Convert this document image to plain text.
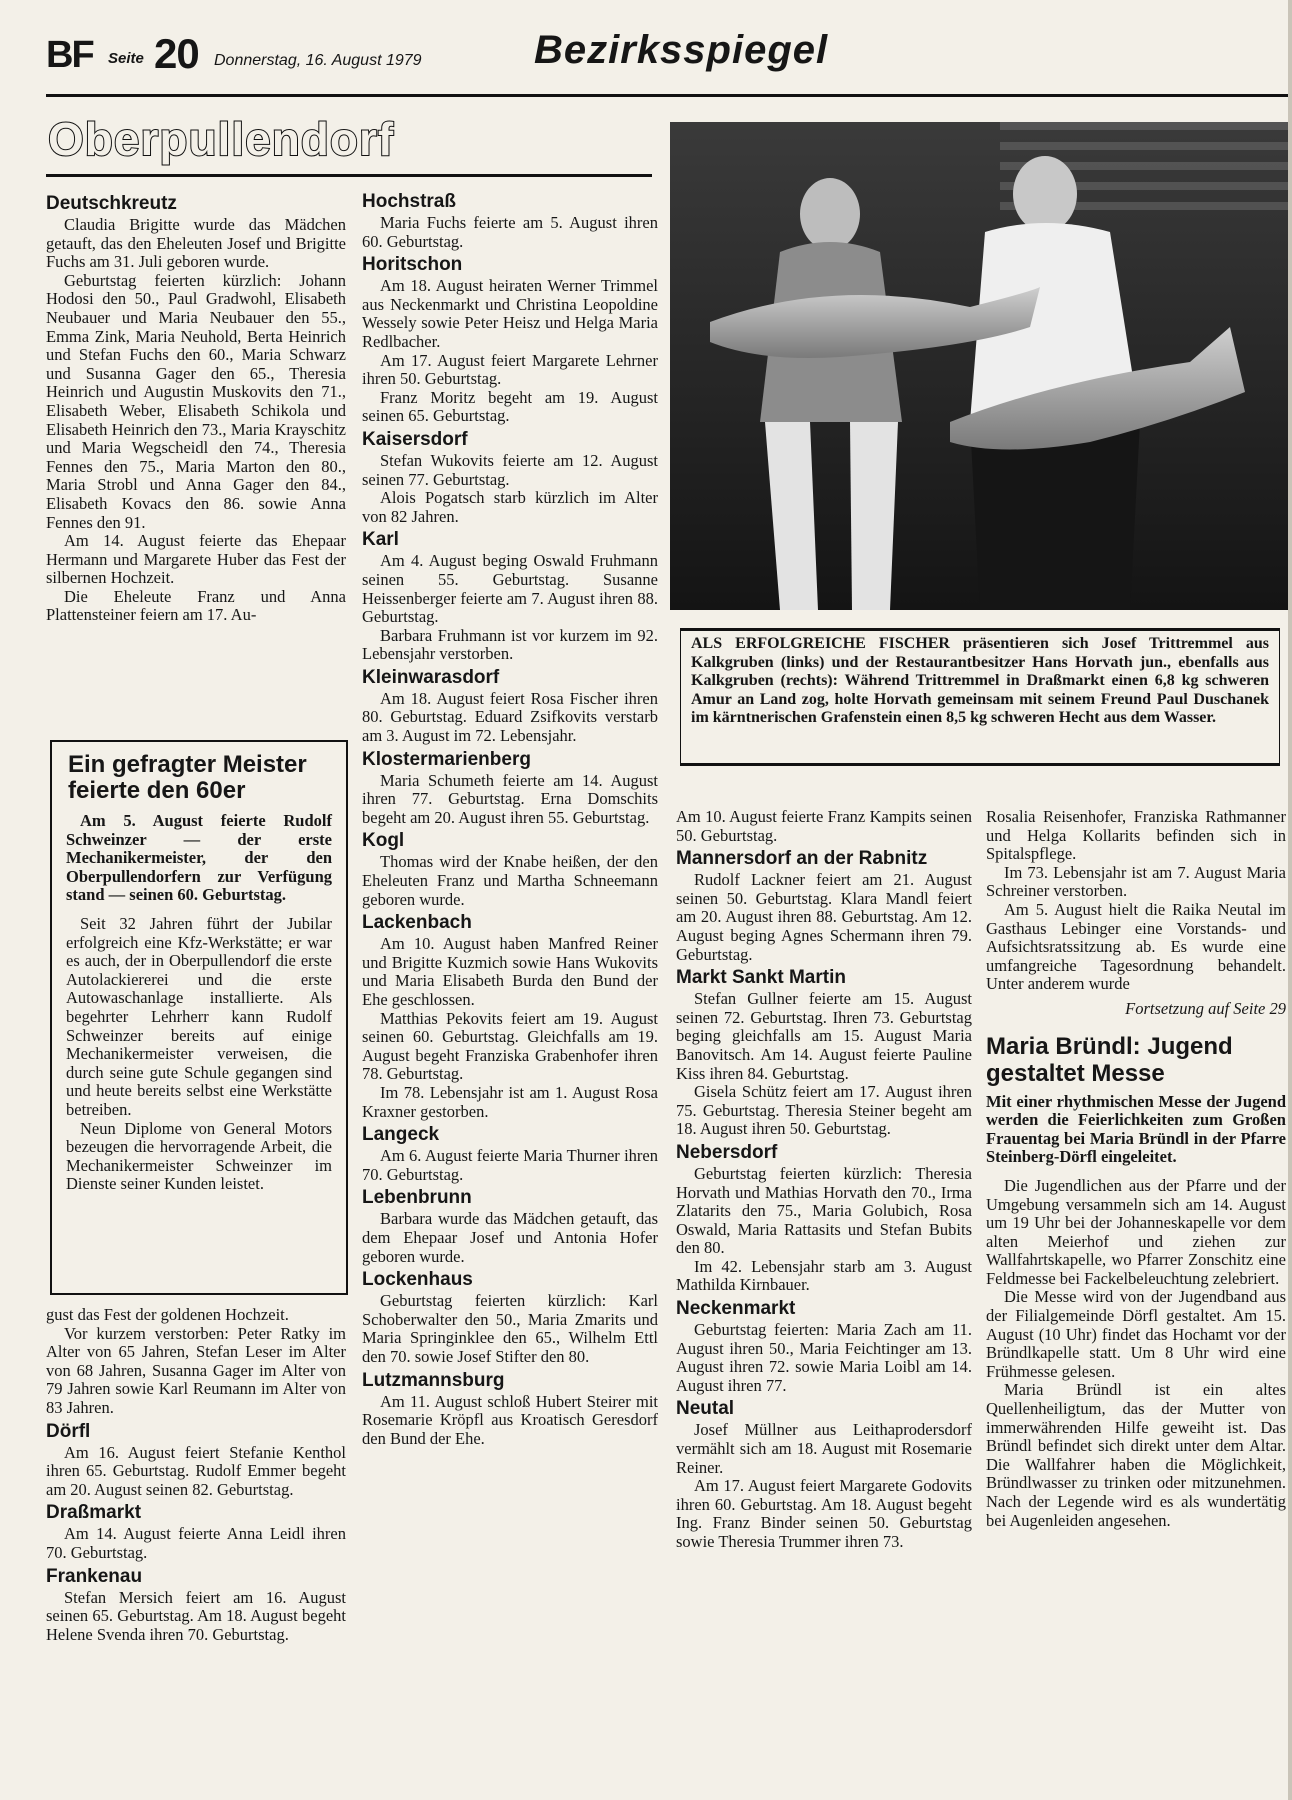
BF Seite 20 Donnerstag, 16. August 1979	Bezirksspiegel
Oberpullendorf
Deutschkreutz

Claudia Brigitte wurde das Mädchen getauft, das den Eheleuten Josef und Brigitte Fuchs am 31. Juli geboren wurde.

Geburtstag feierten kürzlich: Johann Hodosi den 50., Paul Gradwohl, Elisabeth Neubauer und Maria Neubauer den 55., Emma Zink, Maria Neuhold, Berta Heinrich und Stefan Fuchs den 60., Maria Schwarz und Susanna Gager den 65., Theresia Heinrich und Augustin Muskovits den 71., Elisabeth Weber, Elisabeth Schikola und Elisabeth Heinrich den 73., Maria Krayschitz und Maria Wegscheidl den 74., Theresia Fennes den 75., Maria Marton den 80., Maria Strobl und Anna Gager den 84., Elisabeth Kovacs den 86. sowie Anna Fennes den 91.

Am 14. August feierte das Ehepaar Hermann und Margarete Huber das Fest der silbernen Hochzeit.

Die Eheleute Franz und Anna Plattensteiner feiern am 17. Au-

Ein gefragter Meister feierte den 60er

Am 5. August feierte Rudolf Schweinzer — der erste Mechanikermeister, der den Oberpullendorfern zur Verfügung stand — seinen 60. Geburtstag.

Seit 32 Jahren führt der Jubilar erfolgreich eine Kfz-Werkstätte; er war es auch, der in Oberpullendorf die erste Autolackiererei und die erste Autowaschanlage installierte. Als begehrter Lehrherr kann Rudolf Schweinzer bereits auf einige Mechanikermeister verweisen, die durch seine gute Schule gegangen sind und heute bereits selbst eine Werkstätte betreiben.

Neun Diplome von General Motors bezeugen die hervorragende Arbeit, die Mechanikermeister Schweinzer im Dienste seiner Kunden leistet.

gust das Fest der goldenen Hochzeit.

Vor kurzem verstorben: Peter Ratky im Alter von 65 Jahren, Stefan Leser im Alter von 68 Jahren, Susanna Gager im Alter von 79 Jahren sowie Karl Reumann im Alter von 83 Jahren.

Dörfl

Am 16. August feiert Stefanie Kenthol ihren 65. Geburtstag. Rudolf Emmer begeht am 20. August seinen 82. Geburtstag.

Draßmarkt

Am 14. August feierte Anna Leidl ihren 70. Geburtstag.

Frankenau

Stefan Mersich feiert am 16. August seinen 65. Geburtstag. Am 18. August begeht Helene Svenda ihren 70. Geburtstag.

Hochstraß

Maria Fuchs feierte am 5. August ihren 60. Geburtstag.

Horitschon

Am 18. August heiraten Werner Trimmel aus Neckenmarkt und Christina Leopoldine Wessely sowie Peter Heisz und Helga Maria Redlbacher.

Am 17. August feiert Margarete Lehrner ihren 50. Geburtstag.

Franz Moritz begeht am 19. August seinen 65. Geburtstag.

Kaisersdorf

Stefan Wukovits feierte am 12. August seinen 77. Geburtstag.

Alois Pogatsch starb kürzlich im Alter von 82 Jahren.

Karl

Am 4. August beging Oswald Fruhmann seinen 55. Geburtstag. Susanne Heissenberger feierte am 7. August ihren 88. Geburtstag.

Barbara Fruhmann ist vor kurzem im 92. Lebensjahr verstorben.

Kleinwarasdorf

Am 18. August feiert Rosa Fischer ihren 80. Geburtstag. Eduard Zsifkovits verstarb am 3. August im 72. Lebensjahr.

Klostermarienberg

Maria Schumeth feierte am 14. August ihren 77. Geburtstag. Erna Domschits begeht am 20. August ihren 55. Geburtstag.

Kogl

Thomas wird der Knabe heißen, der den Eheleuten Franz und Martha Schneemann geboren wurde.

Lackenbach

Am 10. August haben Manfred Reiner und Brigitte Kuzmich sowie Hans Wukovits und Maria Elisabeth Burda den Bund der Ehe geschlossen.

Matthias Pekovits feiert am 19. August seinen 60. Geburtstag. Gleichfalls am 19. August begeht Franziska Grabenhofer ihren 78. Geburtstag.

Im 78. Lebensjahr ist am 1. August Rosa Kraxner gestorben.

Langeck

Am 6. August feierte Maria Thurner ihren 70. Geburtstag.

Lebenbrunn

Barbara wurde das Mädchen getauft, das dem Ehepaar Josef und Antonia Hofer geboren wurde.

Lockenhaus

Geburtstag feierten kürzlich: Karl Schoberwalter den 50., Maria Zmarits und Maria Springinklee den 65., Wilhelm Ettl den 70. sowie Josef Stifter den 80.

Lutzmannsburg

Am 11. August schloß Hubert Steirer mit Rosemarie Kröpfl aus Kroatisch Geresdorf den Bund der Ehe.

ALS ERFOLGREICHE FISCHER präsentieren sich Josef Trittremmel aus Kalkgruben (links) und der Restaurantbesitzer Hans Horvath jun., ebenfalls aus Kalkgruben (rechts): Während Trittremmel in Draßmarkt einen 6,8 kg schweren Amur an Land zog, holte Horvath gemeinsam mit seinem Freund Paul Duschanek im kärntnerischen Grafenstein einen 8,5 kg schweren Hecht aus dem Wasser.

Am 10. August feierte Franz Kampits seinen 50. Geburtstag.

Mannersdorf an der Rabnitz

Rudolf Lackner feiert am 21. August seinen 50. Geburtstag. Klara Mandl feiert am 20. August ihren 88. Geburtstag. Am 12. August beging Agnes Schermann ihren 79. Geburtstag.

Markt Sankt Martin

Stefan Gullner feierte am 15. August seinen 72. Geburtstag. Ihren 73. Geburtstag beging gleichfalls am 15. August Maria Banovitsch. Am 14. August feierte Pauline Kiss ihren 84. Geburtstag.

Gisela Schütz feiert am 17. August ihren 75. Geburtstag. Theresia Steiner begeht am 18. August ihren 50. Geburtstag.

Nebersdorf

Geburtstag feierten kürzlich: Theresia Horvath und Mathias Horvath den 70., Irma Zlatarits den 75., Maria Golubich, Rosa Oswald, Maria Rattasits und Stefan Bubits den 80.

Im 42. Lebensjahr starb am 3. August Mathilda Kirnbauer.

Neckenmarkt

Geburtstag feierten: Maria Zach am 11. August ihren 50., Maria Feichtinger am 13. August ihren 72. sowie Maria Loibl am 14. August ihren 77.

Neutal

Josef Müllner aus Leithaprodersdorf vermählt sich am 18. August mit Rosemarie Reiner.

Am 17. August feiert Margarete Godovits ihren 60. Geburtstag. Am 18. August begeht Ing. Franz Binder seinen 50. Geburtstag sowie Theresia Trummer ihren 73.

Rosalia Reisenhofer, Franziska Rathmanner und Helga Kollarits befinden sich in Spitalspflege.

Im 73. Lebensjahr ist am 7. August Maria Schreiner verstorben.

Am 5. August hielt die Raika Neutal im Gasthaus Lebinger eine Vorstands- und Aufsichtsratssitzung ab. Es wurde eine umfangreiche Tagesordnung behandelt. Unter anderem wurde

Fortsetzung auf Seite 29

Maria Bründl: Jugend gestaltet Messe

Mit einer rhythmischen Messe der Jugend werden die Feierlichkeiten zum Großen Frauentag bei Maria Bründl in der Pfarre Steinberg-Dörfl eingeleitet.

Die Jugendlichen aus der Pfarre und der Umgebung versammeln sich am 14. August um 19 Uhr bei der Johanneskapelle vor dem alten Meierhof und ziehen zur Wallfahrtskapelle, wo Pfarrer Zonschitz eine Feldmesse bei Fackelbeleuchtung zelebriert.

Die Messe wird von der Jugendband aus der Filialgemeinde Dörfl gestaltet. Am 15. August (10 Uhr) findet das Hochamt vor der Bründlkapelle statt. Um 8 Uhr wird eine Frühmesse gelesen.

Maria Bründl ist ein altes Quellenheiligtum, das der Mutter von immerwährenden Hilfe geweiht ist. Das Bründl befindet sich direkt unter dem Altar. Die Wallfahrer haben die Möglichkeit, Bründlwasser zu trinken oder mitzunehmen. Nach der Legende wird es als wundertätig bei Augenleiden angesehen.
